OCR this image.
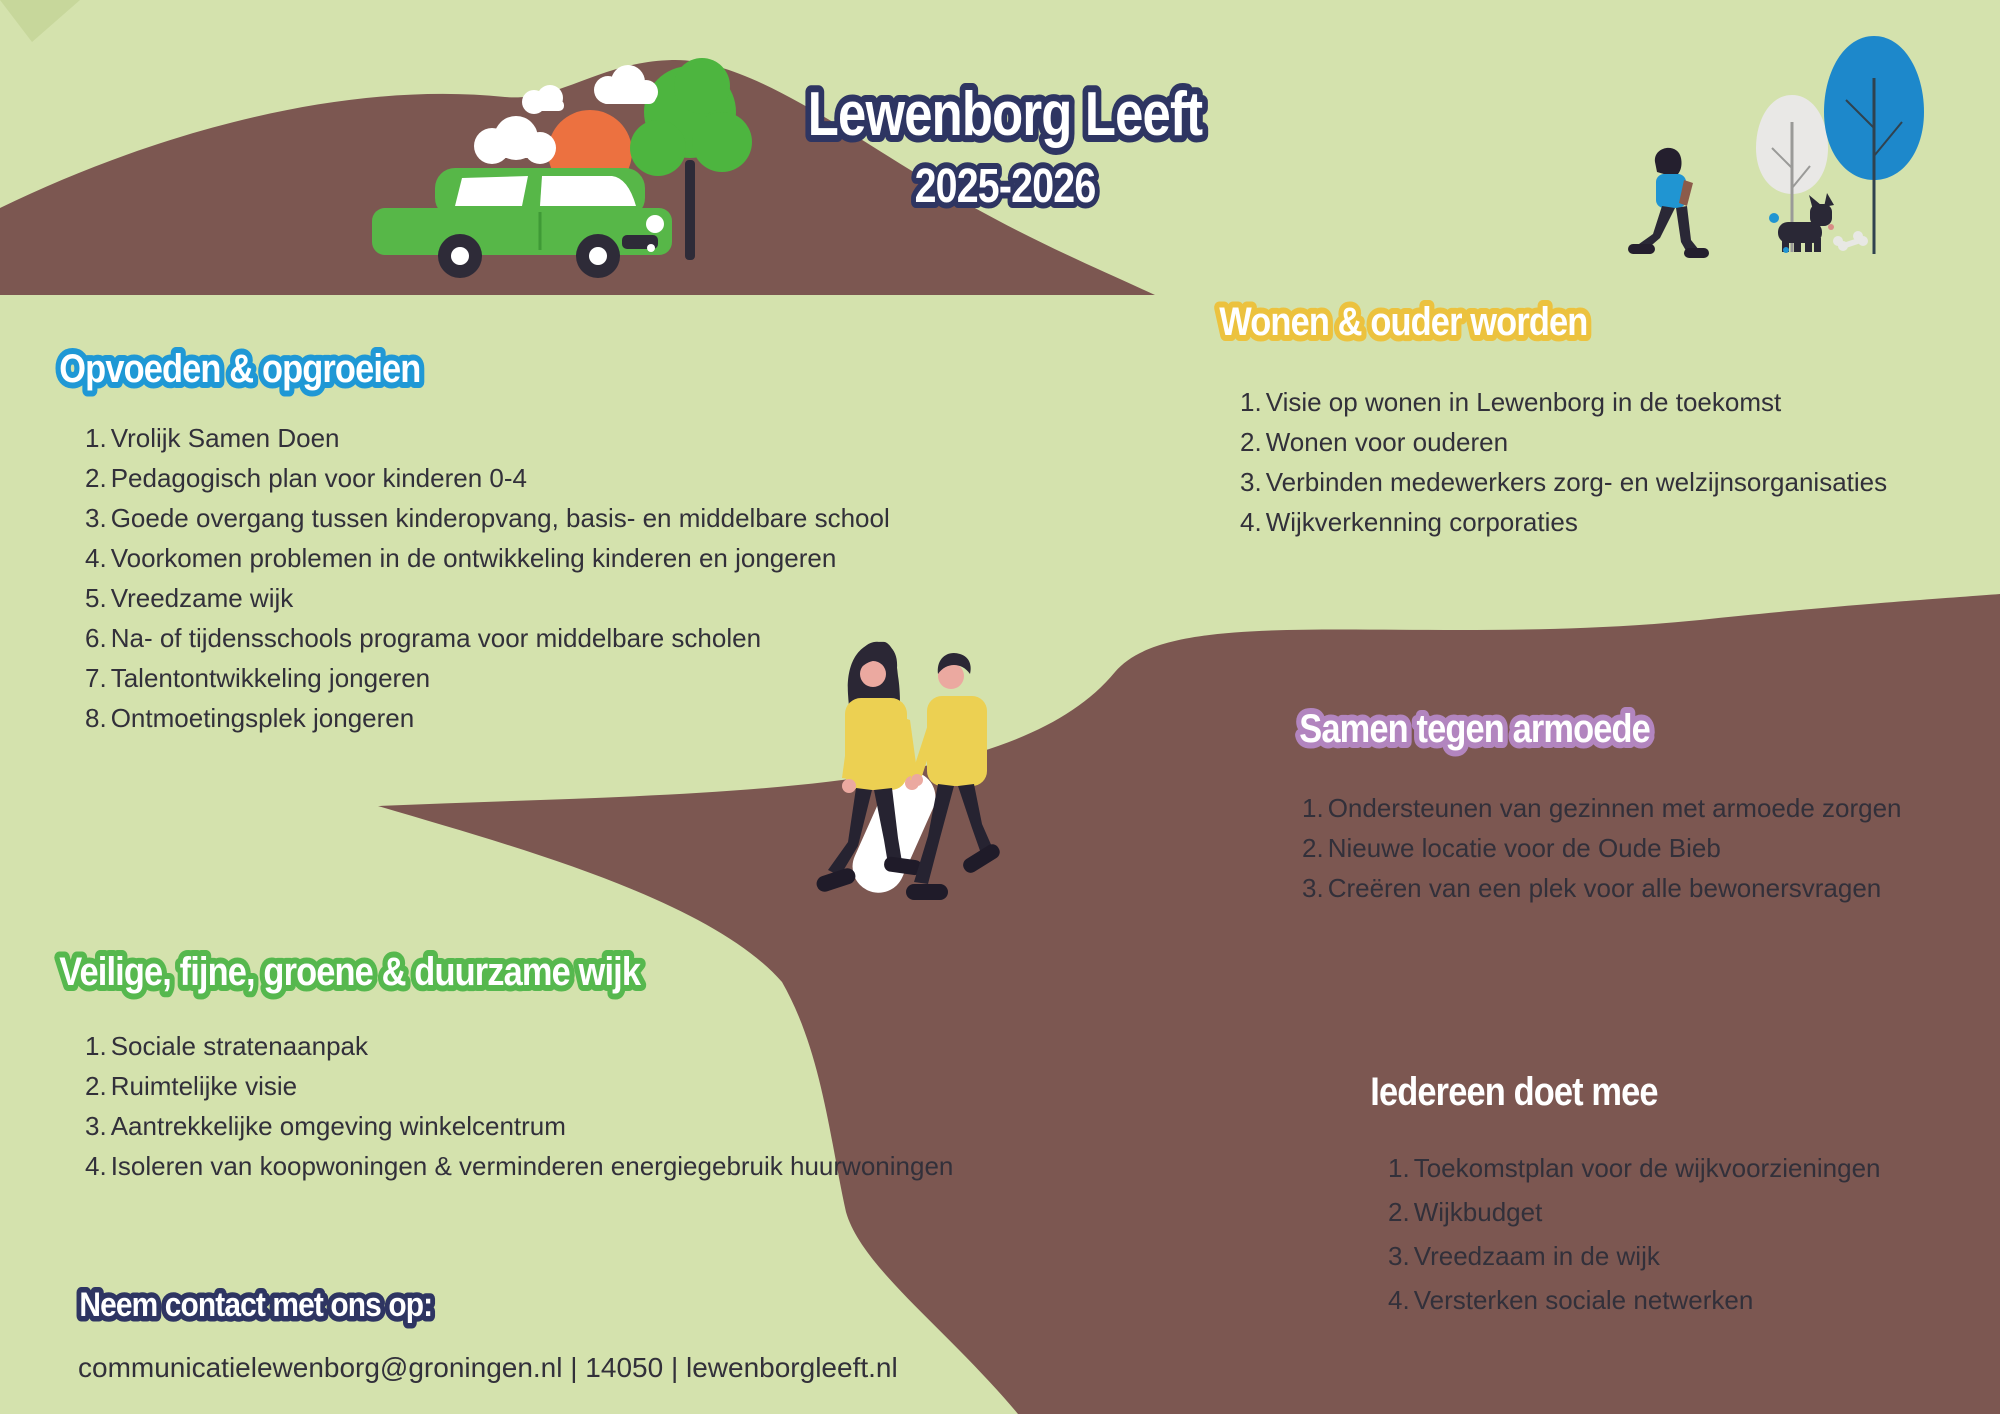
Lewenborg Leeft
2025-2026
Opvoeden & opgroeien
Wonen & ouder worden
Samen tegen armoede
Veilige, fijne, groene & duurzame wijk
Iedereen doet mee
Vrolijk Samen Doen
Pedagogisch plan voor kinderen 0-4
Goede overgang tussen kinderopvang, basis- en middelbare school
Voorkomen problemen in de ontwikkeling kinderen en jongeren
Vreedzame wijk
Na- of tijdensschools programa voor middelbare scholen
Talentontwikkeling jongeren
Ontmoetingsplek jongeren
Visie op wonen in Lewenborg in de toekomst
Wonen voor ouderen
Verbinden medewerkers zorg- en welzijnsorganisaties
Wijkverkenning corporaties
Ondersteunen van gezinnen met armoede zorgen
Nieuwe locatie voor de Oude Bieb
Creëren van een plek voor alle bewonersvragen
Sociale stratenaanpak
Ruimtelijke visie
Aantrekkelijke omgeving winkelcentrum
Isoleren van koopwoningen & verminderen energiegebruik huurwoningen	Toekomstplan voor de wijkvoorzieningen
Wijkbudget
Vreedzaam in de wijk
Versterken sociale netwerken
Neem contact met ons op:
communicatielewenborg@groningen.nl | 14050 | lewenborgleeft.nl
